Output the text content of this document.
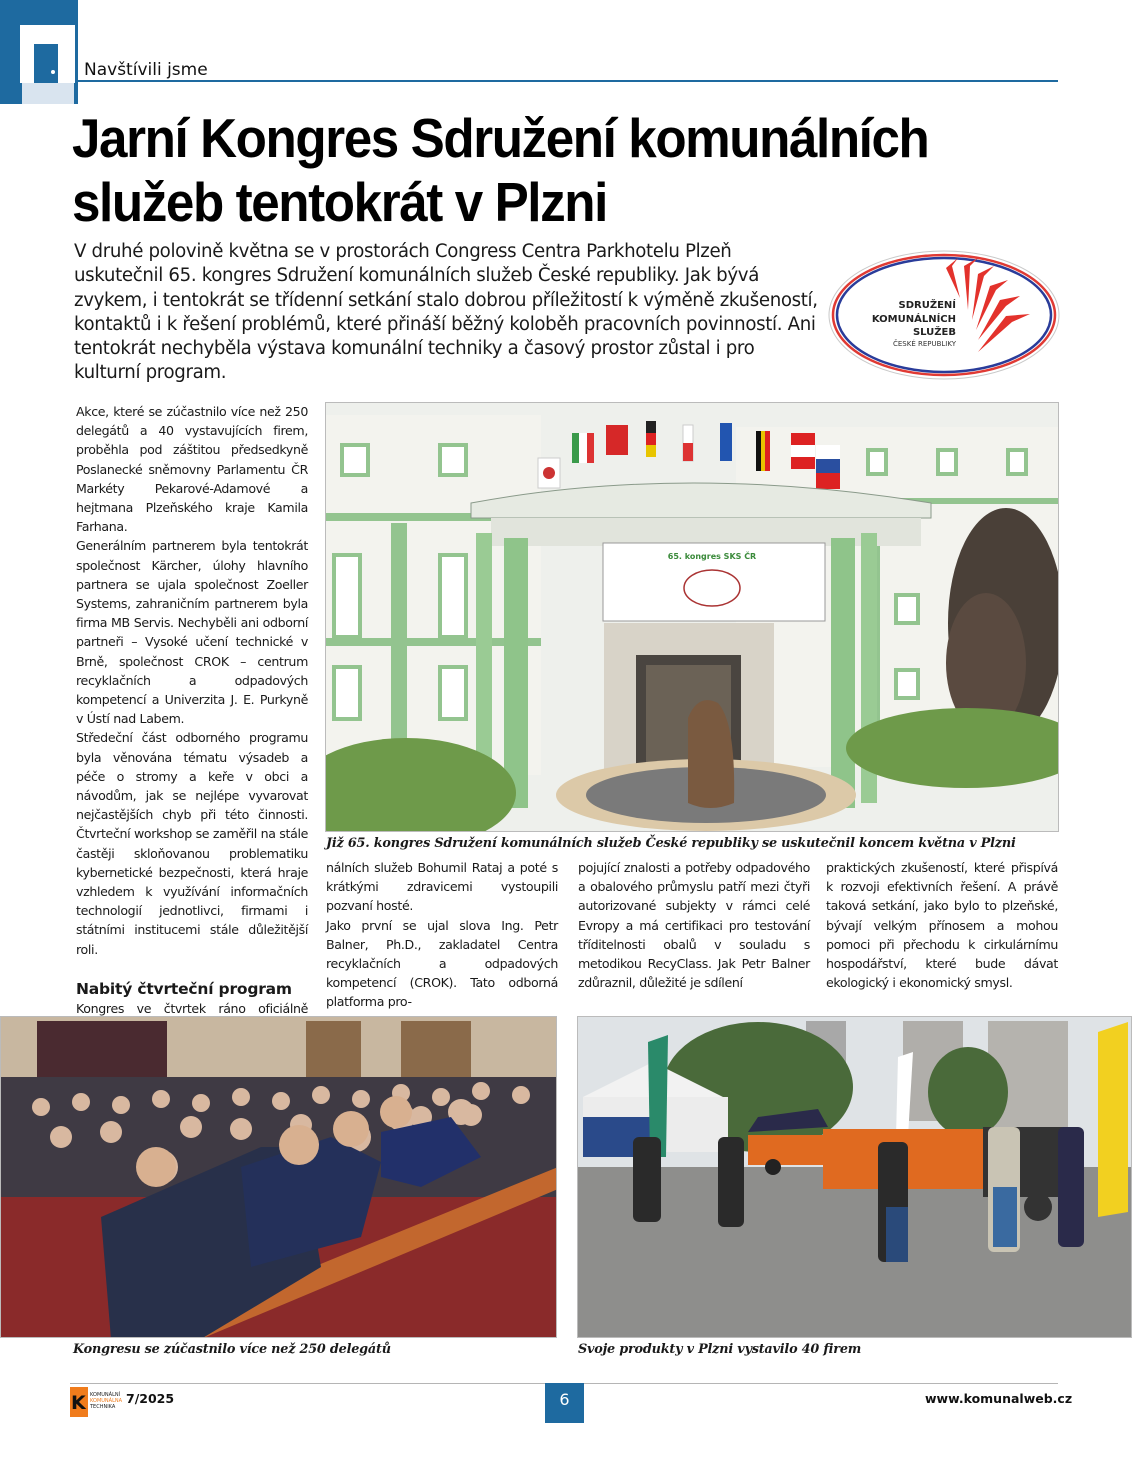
Navštívili jsme
Jarní Kongres Sdružení komunálních
služeb tentokrát v Plzni

V druhé polovině května se v prostorách Congress Centra Parkhotelu Plzeň uskutečnil 65. kongres Sdružení komunálních služeb České republiky. Jak bývá zvykem, i tentokrát se třídenní setkání stalo dobrou příležitostí k výměně zkušeností, kontaktů i k řešení problémů, které přináší běžný koloběh pracovních povinností. Ani tentokrát nechyběla výstava komunální techniky a časový prostor zůstal i pro kulturní program.

SDRUŽENÍ
KOMUNÁLNÍCH
SLUŽEB
ČESKÉ REPUBLIKY

Akce, které se zúčastnilo více než 250 delegátů a 40 vystavujících firem, proběhla pod záštitou předsedkyně Poslanecké sněmovny Parlamentu ČR Markéty Pekarové-Adamové a hejtmana Plzeňského kraje Kamila Farhana.

Generálním partnerem byla tentokrát společnost Kärcher, úlohy hlavního partnera se ujala společnost Zoeller Systems, zahraničním partnerem byla firma MB Servis. Nechyběli ani odborní partneři – Vysoké učení technické v Brně, společnost CROK – centrum recyklačních a odpadových kompetencí a Univerzita J. E. Purkyně v Ústí nad Labem.

Středeční část odborného programu byla věnována tématu výsadeb a péče o stromy a keře v obci a návodům, jak se nejlépe vyvarovat nejčastějších chyb při této činnosti. Čtvrteční workshop se zaměřil na stále častěji skloňovanou problematiku kybernetické bezpečnosti, která hraje vzhledem k využívání informačních technologií jednotlivci, firmami i státními institucemi stále důležitější roli.

Nabitý čtvrteční program

Kongres ve čtvrtek ráno oficiálně

65. kongres SKS ČR
Již 65. kongres Sdružení komunálních služeb České republiky se uskutečnil koncem května v Plzni

nálních služeb Bohumil Rataj a poté s krátkými zdravicemi vystoupili pozvaní hosté.

Jako první se ujal slova Ing. Petr Balner, Ph.D., zakladatel Centra recyklačních a odpadových kompetencí (CROK). Tato odborná platforma pro-

pojující znalosti a potřeby odpadového a obalového průmyslu patří mezi čtyři autorizované subjekty v rámci celé Evropy a má certifikaci pro testování tříditelnosti obalů v souladu s metodikou RecyClass. Jak Petr Balner zdůraznil, důležité je sdílení

praktických zkušeností, které přispívá k rozvoji efektivních řešení. A právě taková setkání, jako bylo to plzeňské, bývají velkým přínosem a mohou pomoci při přechodu k cirkulárnímu hospodářství, které bude dávat ekologický i ekonomický smysl.

Kongresu se zúčastnilo více než 250 delegátů	Svoje produkty v Plzni vystavilo 40 firem
K KOMUNÁLNÍ
KOMUNÁLNA
TECHNIKA
7/2025	6	www.komunalweb.cz
